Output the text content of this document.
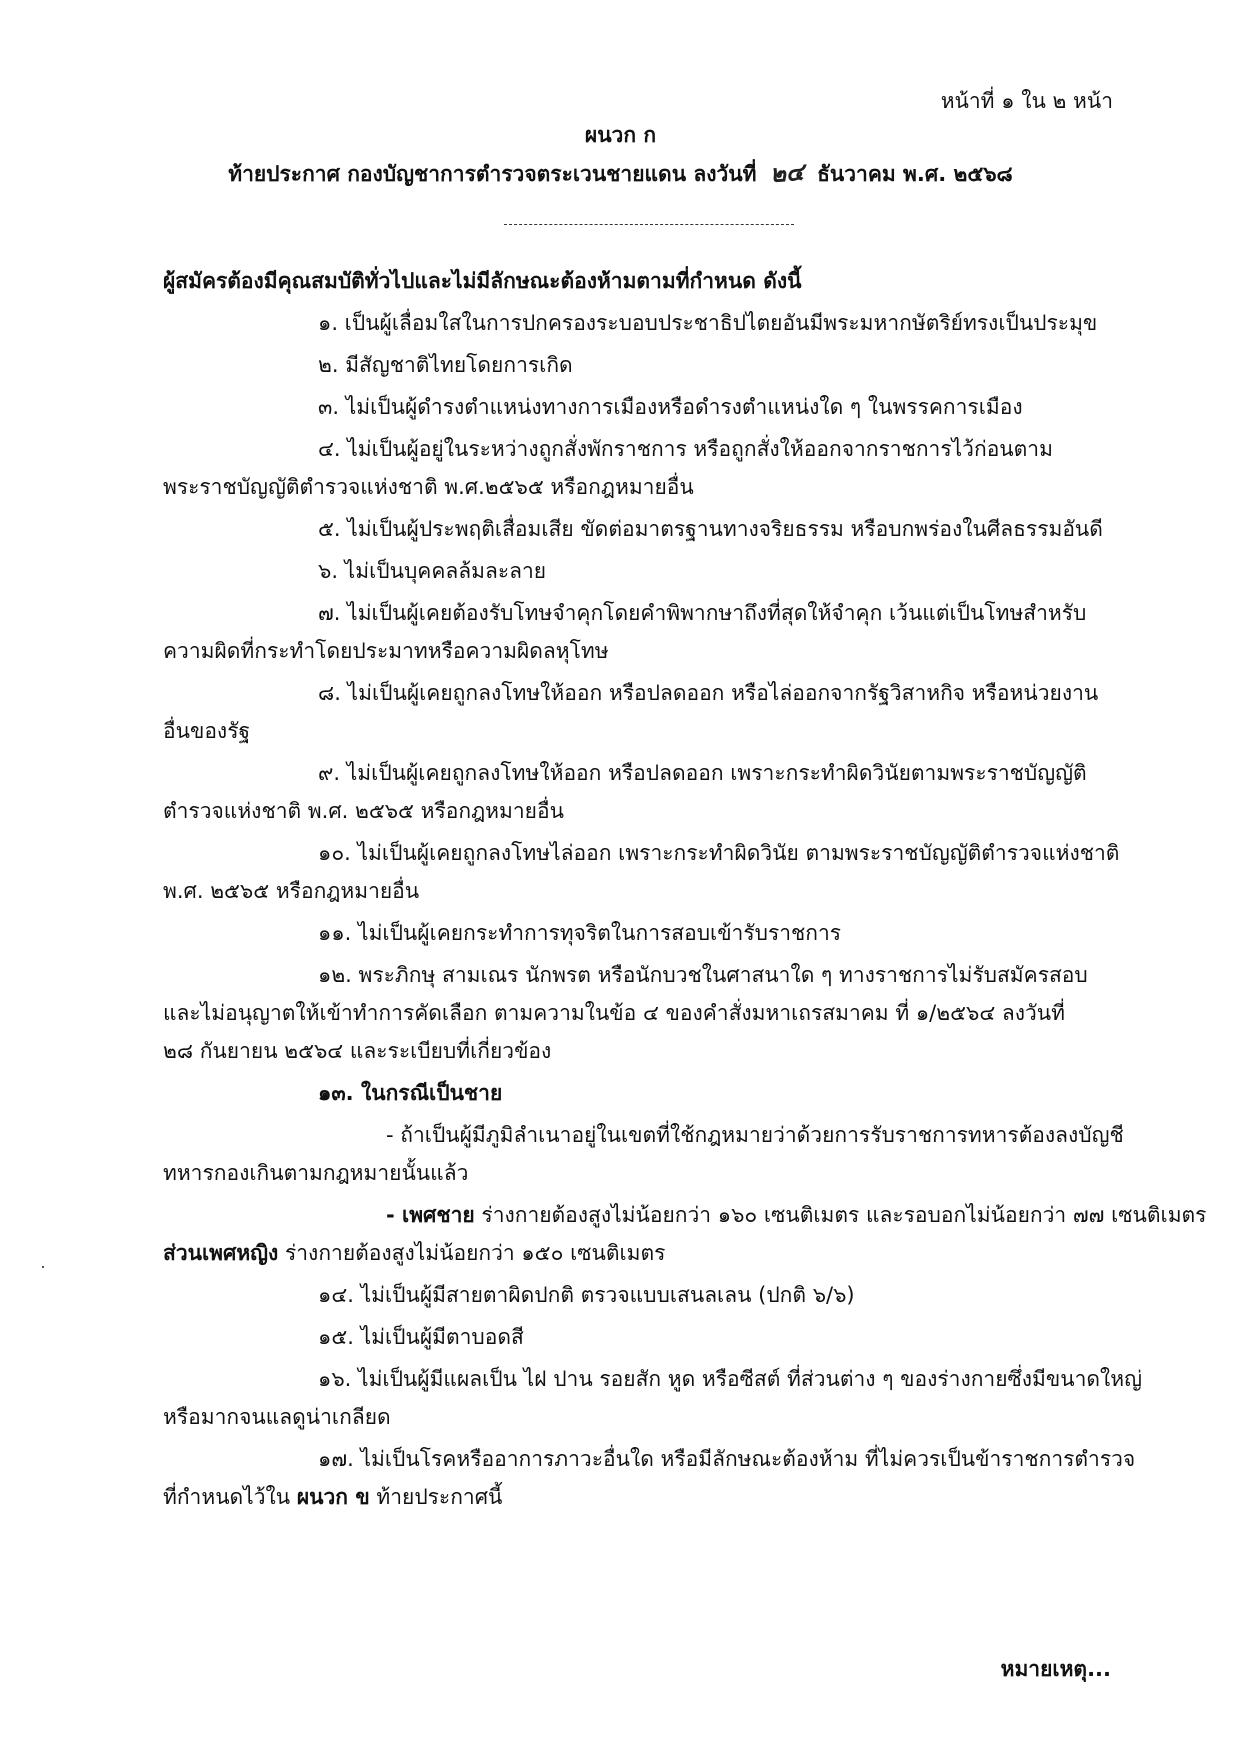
หน้าที่ ๑ ใน ๒ หน้า
ผนวก ก
ท้ายประกาศ กองบัญชาการตำรวจตระเวนชายแดน ลงวันที่ ๒๔ ธันวาคม พ.ศ. ๒๕๖๘
ผู้สมัครต้องมีคุณสมบัติทั่วไปและไม่มีลักษณะต้องห้ามตามที่กำหนด ดังนี้
๑. เป็นผู้เลื่อมใสในการปกครองระบอบประชาธิปไตยอันมีพระมหากษัตริย์ทรงเป็นประมุข
๒. มีสัญชาติไทยโดยการเกิด
๓. ไม่เป็นผู้ดำรงตำแหน่งทางการเมืองหรือดำรงตำแหน่งใด ๆ ในพรรคการเมือง
๔. ไม่เป็นผู้อยู่ในระหว่างถูกสั่งพักราชการ หรือถูกสั่งให้ออกจากราชการไว้ก่อนตาม
พระราชบัญญัติตำรวจแห่งชาติ พ.ศ.๒๕๖๕ หรือกฎหมายอื่น
๕. ไม่เป็นผู้ประพฤติเสื่อมเสีย ขัดต่อมาตรฐานทางจริยธรรม หรือบกพร่องในศีลธรรมอันดี
๖. ไม่เป็นบุคคลล้มละลาย
๗. ไม่เป็นผู้เคยต้องรับโทษจำคุกโดยคำพิพากษาถึงที่สุดให้จำคุก เว้นแต่เป็นโทษสำหรับ
ความผิดที่กระทำโดยประมาทหรือความผิดลหุโทษ
๘. ไม่เป็นผู้เคยถูกลงโทษให้ออก หรือปลดออก หรือไล่ออกจากรัฐวิสาหกิจ หรือหน่วยงาน
อื่นของรัฐ
๙. ไม่เป็นผู้เคยถูกลงโทษให้ออก หรือปลดออก เพราะกระทำผิดวินัยตามพระราชบัญญัติ
ตำรวจแห่งชาติ พ.ศ. ๒๕๖๕ หรือกฎหมายอื่น
๑๐. ไม่เป็นผู้เคยถูกลงโทษไล่ออก เพราะกระทำผิดวินัย ตามพระราชบัญญัติตำรวจแห่งชาติ
พ.ศ. ๒๕๖๕ หรือกฎหมายอื่น
๑๑. ไม่เป็นผู้เคยกระทำการทุจริตในการสอบเข้ารับราชการ
๑๒. พระภิกษุ สามเณร นักพรต หรือนักบวชในศาสนาใด ๆ ทางราชการไม่รับสมัครสอบ
และไม่อนุญาตให้เข้าทำการคัดเลือก ตามความในข้อ ๔ ของคำสั่งมหาเถรสมาคม ที่ ๑/๒๕๖๔ ลงวันที่
๒๘ กันยายน ๒๕๖๔ และระเบียบที่เกี่ยวข้อง
๑๓. ในกรณีเป็นชาย
- ถ้าเป็นผู้มีภูมิลำเนาอยู่ในเขตที่ใช้กฎหมายว่าด้วยการรับราชการทหารต้องลงบัญชี
ทหารกองเกินตามกฎหมายนั้นแล้ว
- เพศชาย ร่างกายต้องสูงไม่น้อยกว่า ๑๖๐ เซนติเมตร และรอบอกไม่น้อยกว่า ๗๗ เซนติเมตร
ส่วนเพศหญิง ร่างกายต้องสูงไม่น้อยกว่า ๑๕๐ เซนติเมตร
๑๔. ไม่เป็นผู้มีสายตาผิดปกติ ตรวจแบบเสนลเลน (ปกติ ๖/๖)
๑๕. ไม่เป็นผู้มีตาบอดสี
๑๖. ไม่เป็นผู้มีแผลเป็น ไฝ ปาน รอยสัก หูด หรือซีสต์ ที่ส่วนต่าง ๆ ของร่างกายซึ่งมีขนาดใหญ่
หรือมากจนแลดูน่าเกลียด
๑๗. ไม่เป็นโรคหรืออาการภาวะอื่นใด หรือมีลักษณะต้องห้าม ที่ไม่ควรเป็นข้าราชการตำรวจ
ที่กำหนดไว้ใน ผนวก ข ท้ายประกาศนี้
หมายเหตุ...
